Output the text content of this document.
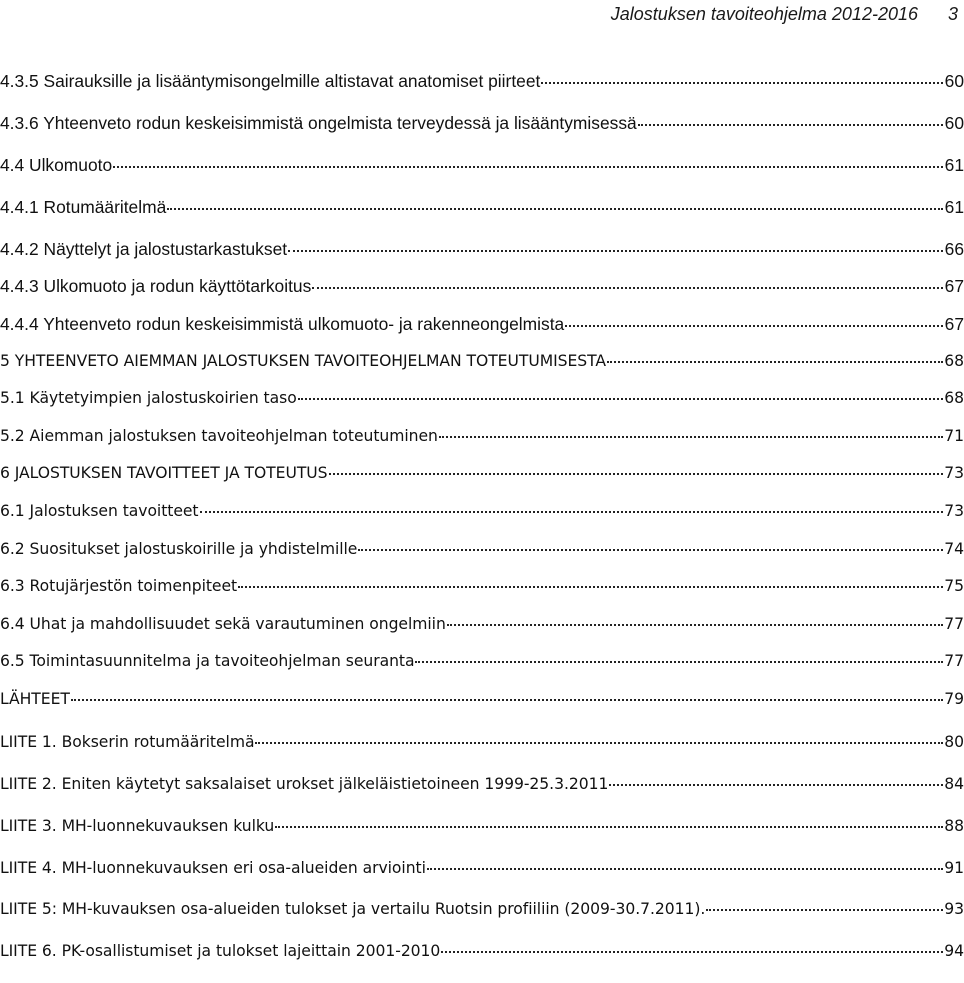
Jalostuksen tavoiteohjelma 2012-2016 3
4.3.5 Sairauksille ja lisääntymisongelmille altistavat anatomiset piirteet	60
4.3.6 Yhteenveto rodun keskeisimmistä ongelmista terveydessä ja lisääntymisessä	60
4.4 Ulkomuoto	61
4.4.1 Rotumääritelmä	61
4.4.2 Näyttelyt ja jalostustarkastukset	66
4.4.3 Ulkomuoto ja rodun käyttötarkoitus	67
4.4.4 Yhteenveto rodun keskeisimmistä ulkomuoto- ja rakenneongelmista	67
5 YHTEENVETO AIEMMAN JALOSTUKSEN TAVOITEOHJELMAN TOTEUTUMISESTA	68
5.1 Käytetyimpien jalostuskoirien taso	68
5.2 Aiemman jalostuksen tavoiteohjelman toteutuminen	71
6 JALOSTUKSEN TAVOITTEET JA TOTEUTUS	73
6.1 Jalostuksen tavoitteet	73
6.2 Suositukset jalostuskoirille ja yhdistelmille	74
6.3 Rotujärjestön toimenpiteet	75
6.4 Uhat ja mahdollisuudet sekä varautuminen ongelmiin	77
6.5 Toimintasuunnitelma ja tavoiteohjelman seuranta	77
LÄHTEET	79
LIITE 1. Bokserin rotumääritelmä	80
LIITE 2. Eniten käytetyt saksalaiset urokset jälkeläistietoineen 1999-25.3.2011	84
LIITE 3. MH-luonnekuvauksen kulku	88
LIITE 4. MH-luonnekuvauksen eri osa-alueiden arviointi	91
LIITE 5: MH-kuvauksen osa-alueiden tulokset ja vertailu Ruotsin profiiliin (2009-30.7.2011).	93
LIITE 6. PK-osallistumiset ja tulokset lajeittain 2001-2010	94
